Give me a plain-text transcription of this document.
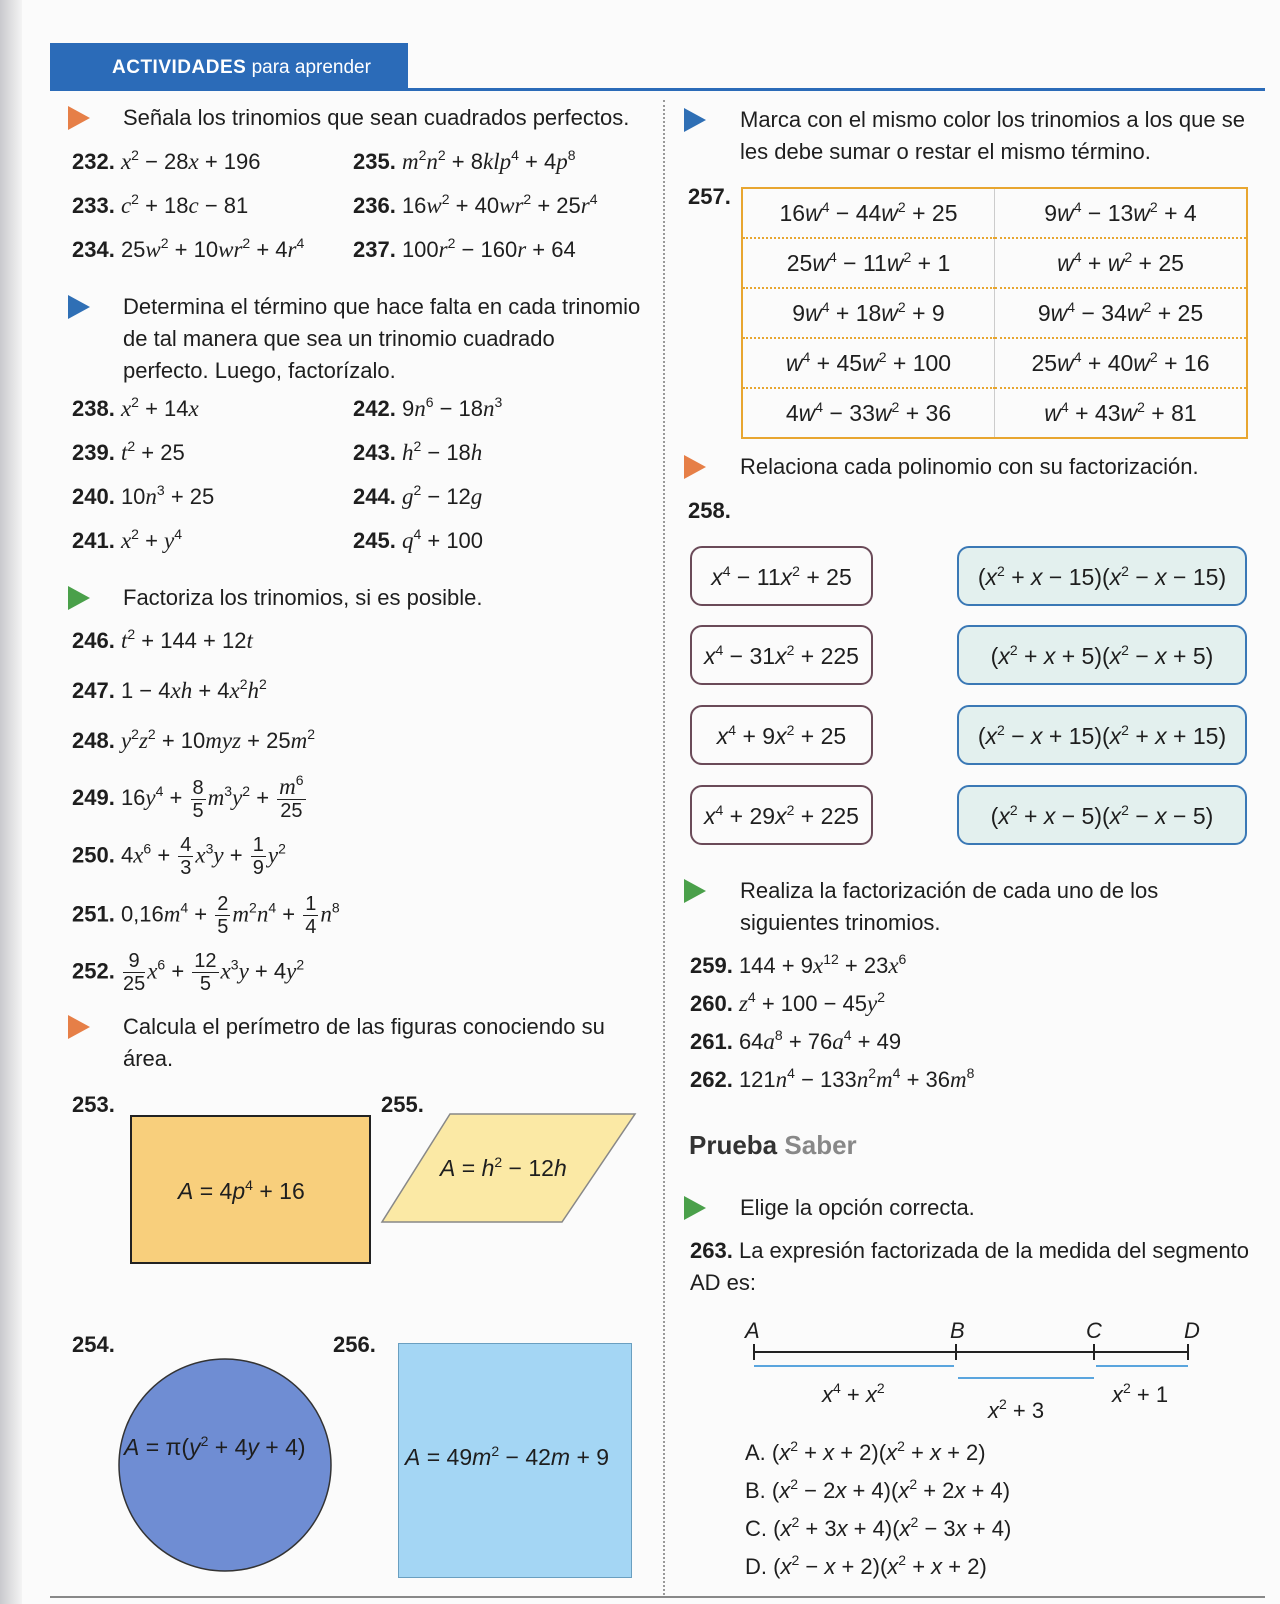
ACTIVIDADES para aprender
Señala los trinomios que sean cuadrados perfectos.
232. $x^2 - 28x + 196$	235. $m^2n^2 + 8klp^4 + 4p^8$
233. $c^2 + 18c - 81$	236. $16w^2 + 40wr^2 + 25r^4$
234. $25w^2 + 10wr^2 + 4r^4$ 237. $100r^2 - 160r + 64$
Determina el término que hace falta en cada trinomio de tal manera que sea un trinomio cuadrado perfecto. Luego, factorízalo.
238. $x^2 + 14x$	242. $9n^6 - 18n^3$
239. $t^2 + 25$	243. $h^2 - 18h$
240. $10n^3 + 25$	244. $g^2 - 12g$
241. $x^2 + y^4$	245. $q^4 + 100$
Factoriza los trinomios, si es posible.
246. $t^2 + 144 + 12t$
247. $1 - 4xh + 4x^2h^2$
248. $y^2z^2 + 10myz + 25m^2$
249. $16y^4 + \frac{8}{5} m^3y^2 + \frac{m^6}{25}$
250. $4x^6 + \frac{4}{3} x^3y + \frac{1}{9} y^2$
251. $0,16m^4 + \frac{2}{5} m^2n^4 + \frac{1}{4} n^8$
252. $\frac{9}{25} x^6 + \frac{12}{5} x^3y + 4y^2$
Calcula el perímetro de las figuras conociendo su área.
253.
$A = 4p^4 + 16$
255.
$A = h^2 - 12h$
254.
$A = \pi(y^2 + 4y + 4)$
256.
$A = 49m^2 - 42m + 9$
Marca con el mismo color los trinomios a los que se les debe sumar o restar el mismo término.
257.
$16w^4 - 44w^2 + 25$	$9w^4 - 13w^2 + 4$
$25w^4 - 11w^2 + 1$	$w^4 + w^2 + 25$
$9w^4 + 18w^2 + 9$	$9w^4 - 34w^2 + 25$
$w^4 + 45w^2 + 100$	$25w^4 + 40w^2 + 16$
$4w^4 - 33w^2 + 36$	$w^4 + 43w^2 + 81$
Relaciona cada polinomio con su factorización.
258.
$x^4 - 11x^2 + 25$
$x^4 - 31x^2 + 225$
$x^4 + 9x^2 + 25$
$x^4 + 29x^2 + 225$
$(x^2 + x - 15)(x^2 - x - 15)$
$(x^2 + x + 5)(x^2 - x + 5)$
$(x^2 - x + 15)(x^2 + x + 15)$
$(x^2 + x - 5)(x^2 - x - 5)$
Realiza la factorización de cada uno de los siguientes trinomios.
259. $144 + 9x^{12} + 23x^6$
260. $z^4 + 100 - 45y^2$
261. $64a^8 + 76a^4 + 49$
262. $121n^4 - 133n^2m^4 + 36m^8$
Prueba Saber
Elige la opción correcta.
263. La expresión factorizada de la medida del segmento AD es:
A	B	C	D
$x^4 + x^2$
$x^2 + 3$
$x^2 + 1$
A. $(x^2 + x + 2)(x^2 + x + 2)$
B. $(x^2 - 2x + 4)(x^2 + 2x + 4)$
C. $(x^2 + 3x + 4)(x^2 - 3x + 4)$
D. $(x^2 - x + 2)(x^2 + x + 2)$
